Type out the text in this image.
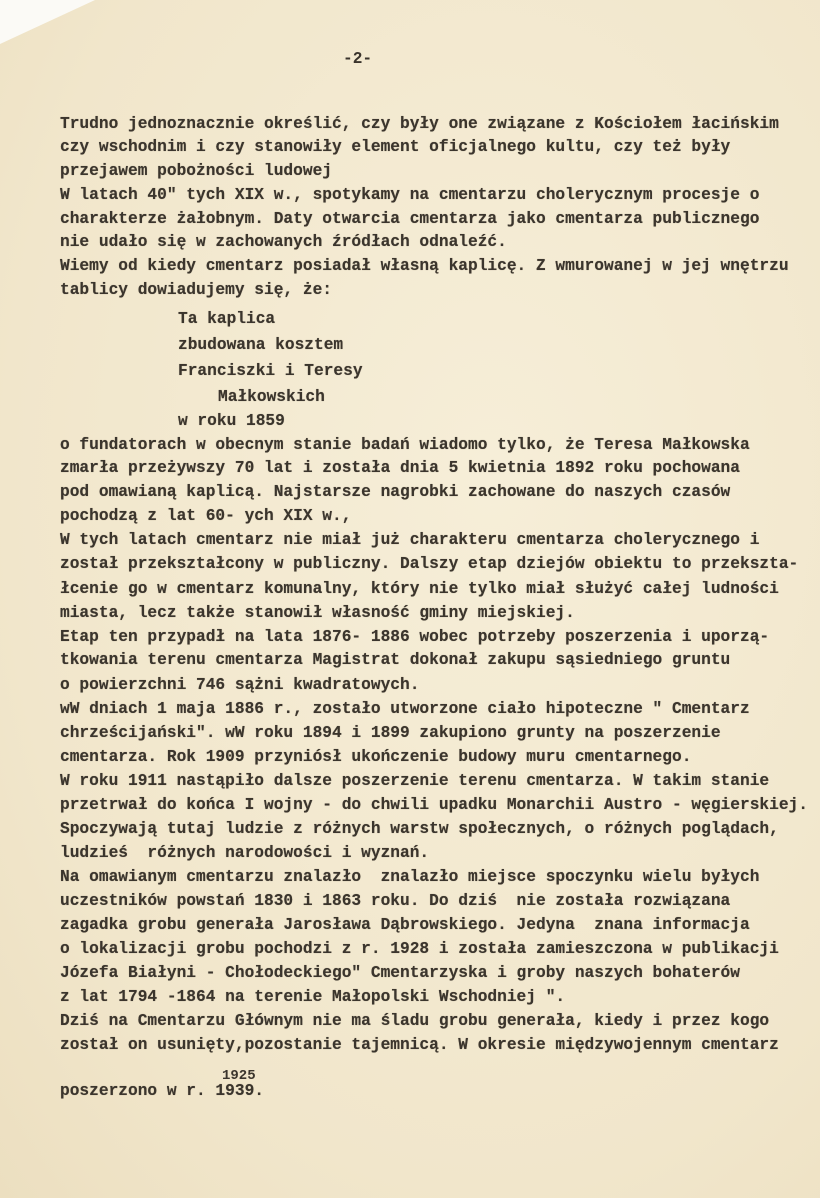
-2-
Trudno jednoznacznie określić, czy były one związane z Kościołem łacińskim
czy wschodnim i czy stanowiły element oficjalnego kultu, czy też były
przejawem pobożności ludowej
W latach 40" tych XIX w., spotykamy na cmentarzu cholerycznym procesje o
charakterze żałobnym. Daty otwarcia cmentarza jako cmentarza publicznego
nie udało się w zachowanych źródłach odnaleźć.
Wiemy od kiedy cmentarz posiadał własną kaplicę. Z wmurowanej w jej wnętrzu
tablicy dowiadujemy się, że:
Ta kaplica
zbudowana kosztem
Franciszki i Teresy
Małkowskich
w roku 1859
o fundatorach w obecnym stanie badań wiadomo tylko, że Teresa Małkowska
zmarła przeżywszy 70 lat i została dnia 5 kwietnia 1892 roku pochowana
pod omawianą kaplicą. Najstarsze nagrobki zachowane do naszych czasów
pochodzą z lat 60- ych XIX w.,
W tych latach cmentarz nie miał już charakteru cmentarza cholerycznego i
został przekształcony w publiczny. Dalszy etap dziejów obiektu to przekszta-
łcenie go w cmentarz komunalny, który nie tylko miał służyć całej ludności
miasta, lecz także stanowił własność gminy miejskiej.
Etap ten przypadł na lata 1876- 1886 wobec potrzeby poszerzenia i uporzą-
tkowania terenu cmentarza Magistrat dokonał zakupu sąsiedniego gruntu
o powierzchni 746 sążni kwadratowych.
wW dniach 1 maja 1886 r., zostało utworzone ciało hipoteczne " Cmentarz
chrześcijański". wW roku 1894 i 1899 zakupiono grunty na poszerzenie
cmentarza. Rok 1909 przyniósł ukończenie budowy muru cmentarnego.
W roku 1911 nastąpiło dalsze poszerzenie terenu cmentarza. W takim stanie
przetrwał do końca I wojny - do chwili upadku Monarchii Austro - węgierskiej.
Spoczywają tutaj ludzie z różnych warstw społecznych, o różnych poglądach,
ludzieś  różnych narodowości i wyznań.
Na omawianym cmentarzu znalazło  znalazło miejsce spoczynku wielu byłych
uczestników powstań 1830 i 1863 roku. Do dziś  nie została rozwiązana
zagadka grobu generała Jarosława Dąbrowskiego. Jedyna  znana informacja
o lokalizacji grobu pochodzi z r. 1928 i została zamieszczona w publikacji
Józefa Białyni - Chołodeckiego" Cmentarzyska i groby naszych bohaterów
z lat 1794 -1864 na terenie Małopolski Wschodniej ".
Dziś na Cmentarzu Głównym nie ma śladu grobu generała, kiedy i przez kogo
został on usunięty,pozostanie tajemnicą. W okresie międzywojennym cmentarz
poszerzono w r. 1939.
1925
